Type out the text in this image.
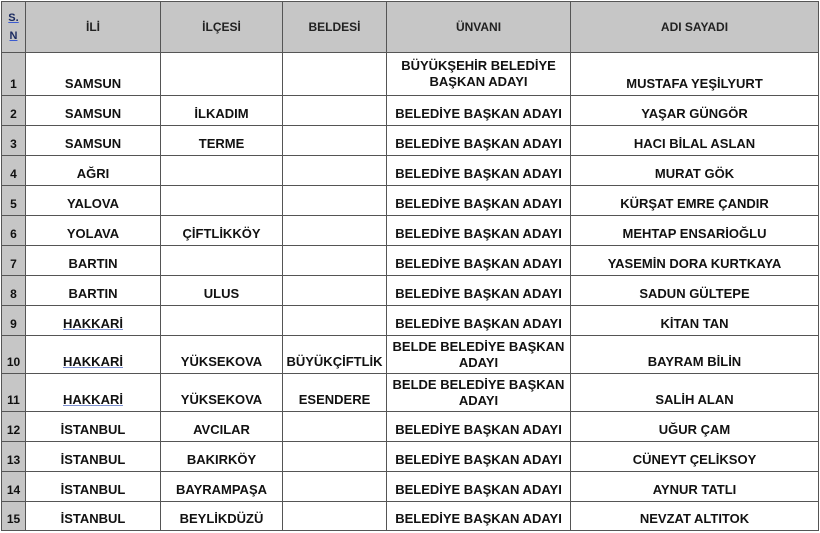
S.
N	İLİ	İLÇESİ	BELDESİ	ÜNVANI	ADI SAYADI
1	SAMSUN			BÜYÜKŞEHİR BELEDİYE BAŞKAN ADAYI	MUSTAFA YEŞİLYURT
2	SAMSUN	İLKADIM		BELEDİYE BAŞKAN ADAYI	YAŞAR GÜNGÖR
3	SAMSUN	TERME		BELEDİYE BAŞKAN ADAYI	HACI BİLAL ASLAN
4	AĞRI			BELEDİYE BAŞKAN ADAYI	MURAT GÖK
5	YALOVA			BELEDİYE BAŞKAN ADAYI	KÜRŞAT EMRE ÇANDIR
6	YOLAVA	ÇİFTLİKKÖY		BELEDİYE BAŞKAN ADAYI	MEHTAP ENSARİOĞLU
7	BARTIN			BELEDİYE BAŞKAN ADAYI	YASEMİN DORA KURTKAYA
8	BARTIN	ULUS		BELEDİYE BAŞKAN ADAYI	SADUN GÜLTEPE
9	HAKKARİ			BELEDİYE BAŞKAN ADAYI	KİTAN TAN
10	HAKKARİ	YÜKSEKOVA	BÜYÜKÇİFTLİK	BELDE BELEDİYE BAŞKAN ADAYI	BAYRAM BİLİN
11	HAKKARİ	YÜKSEKOVA	ESENDERE	BELDE BELEDİYE BAŞKAN ADAYI	SALİH ALAN
12	İSTANBUL	AVCILAR		BELEDİYE BAŞKAN ADAYI	UĞUR ÇAM
13	İSTANBUL	BAKIRKÖY		BELEDİYE BAŞKAN ADAYI	CÜNEYT ÇELİKSOY
14	İSTANBUL	BAYRAMPAŞA		BELEDİYE BAŞKAN ADAYI	AYNUR TATLI
15	İSTANBUL	BEYLİKDÜZÜ		BELEDİYE BAŞKAN ADAYI	NEVZAT ALTITOK
